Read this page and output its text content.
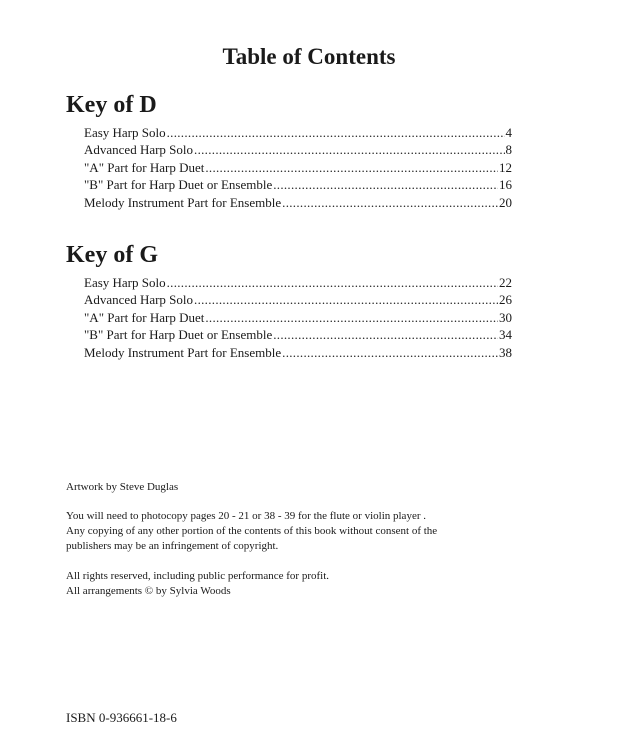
Table of Contents
Key of D
Easy Harp Solo .....	4
Advanced Harp Solo .....	8
"A" Part for Harp Duet .....	12
"B" Part for Harp Duet or Ensemble .....	16
Melody Instrument Part for Ensemble .....	20
Key of G
Easy Harp Solo .....	22
Advanced Harp Solo .....	26
"A" Part for Harp Duet .....	30
"B" Part for Harp Duet or Ensemble .....	34
Melody Instrument Part for Ensemble .....	38
Artwork by Steve Duglas
You will need to photocopy pages 20 - 21 or 38 - 39 for the flute or violin player .
Any copying of any other portion of the contents of this book without consent of the
publishers may be an infringement of copyright.
All rights reserved, including public performance for profit.
All arrangements © by Sylvia Woods
ISBN 0-936661-18-6
